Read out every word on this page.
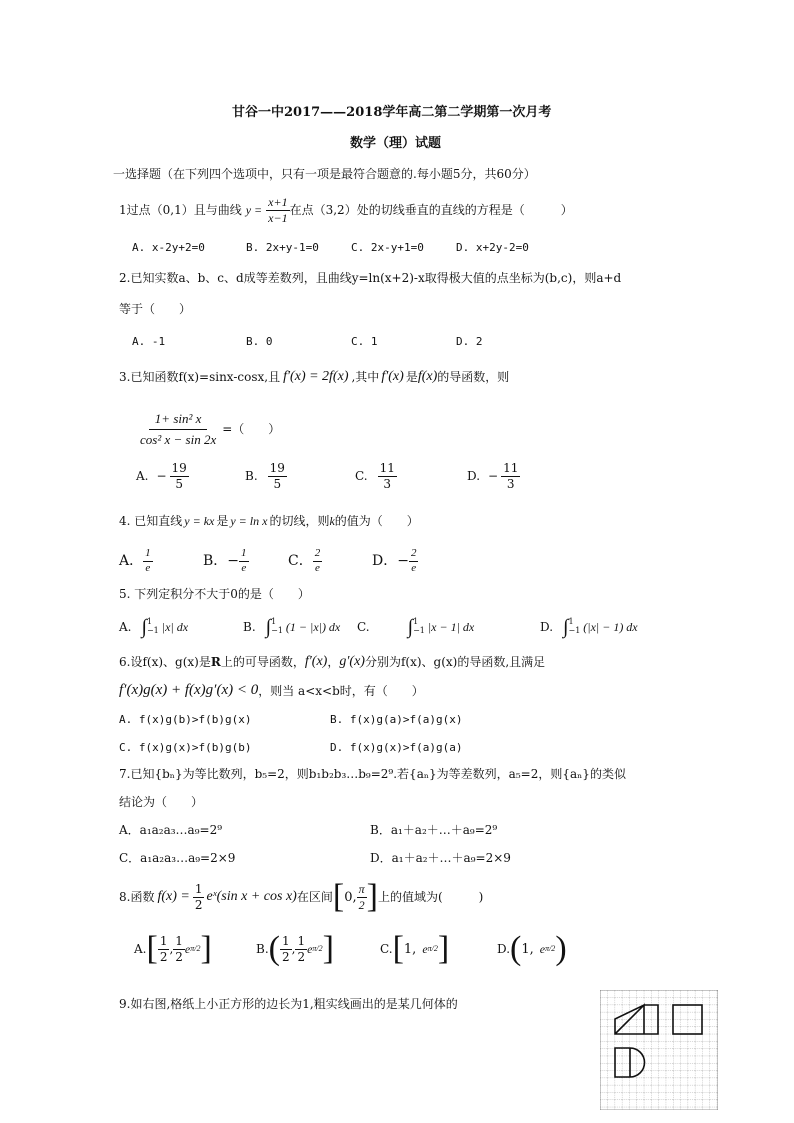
甘谷一中2017——2018学年高二第二学期第一次月考
数学（理）试题
一选择题（在下列四个选项中，只有一项是最符合题意的.每小题5分，共60分）
1过点（0,1）且与曲线 $y = \frac{x+1}{x-1}$ 在点（3,2）处的切线垂直的直线的方程是（　　　）
A. x-2y+2=0	B. 2x+y-1=0	C. 2x-y+1=0	D. x+2y-2=0
2.已知实数a、b、c、d成等差数列，且曲线y=ln(x+2)-x取得极大值的点坐标为(b,c)，则a+d
等于（　　）
A. -1	B. 0	C. 1	D. 2
3.已知函数f(x)=sinx-cosx,且 f′(x) = 2f(x) ,其中 f′(x) 是 f(x) 的导函数，则
$\frac{\text{1+ sin² x}}{\text{cos² x − sin 2x}}$ =（　　）
A. − $\frac{19}{5}$	B. $\frac{19}{5}$	C. $\frac{11}{3}$	D. − $\frac{11}{3}$
4. 已知直线 y = kx 是 y = ln x 的切线，则 k 的值为（　　）
A． $\frac{1}{e}$	B． − $\frac{1}{e}$	C． $\frac{2}{e}$	D． − $\frac{2}{e}$
5. 下列定积分不大于0的是（　　）
A. ∫ 1
−1 |x| dx	B. ∫ 1
−1 (1 − |x|) dx C. ∫ 1
−1 |x − 1| dx	D. ∫ 1
−1 (|x| − 1) dx
6.设f(x)、g(x)是 R 上的可导函数， f′(x) ， g′(x) 分别为f(x)、g(x)的导函数,且满足
f′(x)g(x) + f(x)g′(x) < 0 ，则当 a<x<b时，有（　　）
A. f(x)g(b)>f(b)g(x)	B. f(x)g(a)>f(a)g(x)
C. f(x)g(x)>f(b)g(b)	D. f(x)g(x)>f(a)g(a)
7.已知{bₙ}为等比数列，b₅=2，则b₁b₂b₃…b₉=2⁹.若{aₙ}为等差数列，a₅=2，则{aₙ}的类似
结论为（　　）
A．a₁a₂a₃…a₉=2⁹	B．a₁＋a₂＋…＋a₉=2⁹
C．a₁a₂a₃…a₉=2×9	D．a₁＋a₂＋…＋a₉=2×9
8.函数 $f(x) = \frac{1}{2}$ eˣ(sin x + cos x) 在区间 [ 0, $\frac{\pi}{2}$ ] 上的值域为(　　　)
A. [ $\frac{1}{2}$ , $\frac{1}{2}$ e π/2 ]	B. ( $\frac{1}{2}$ , $\frac{1}{2}$ e π/2 ]	C. [ 1, e π/2 ]	D. ( 1, e π/2 )
9.如右图,格纸上小正方形的边长为1,粗实线画出的是某几何体的
